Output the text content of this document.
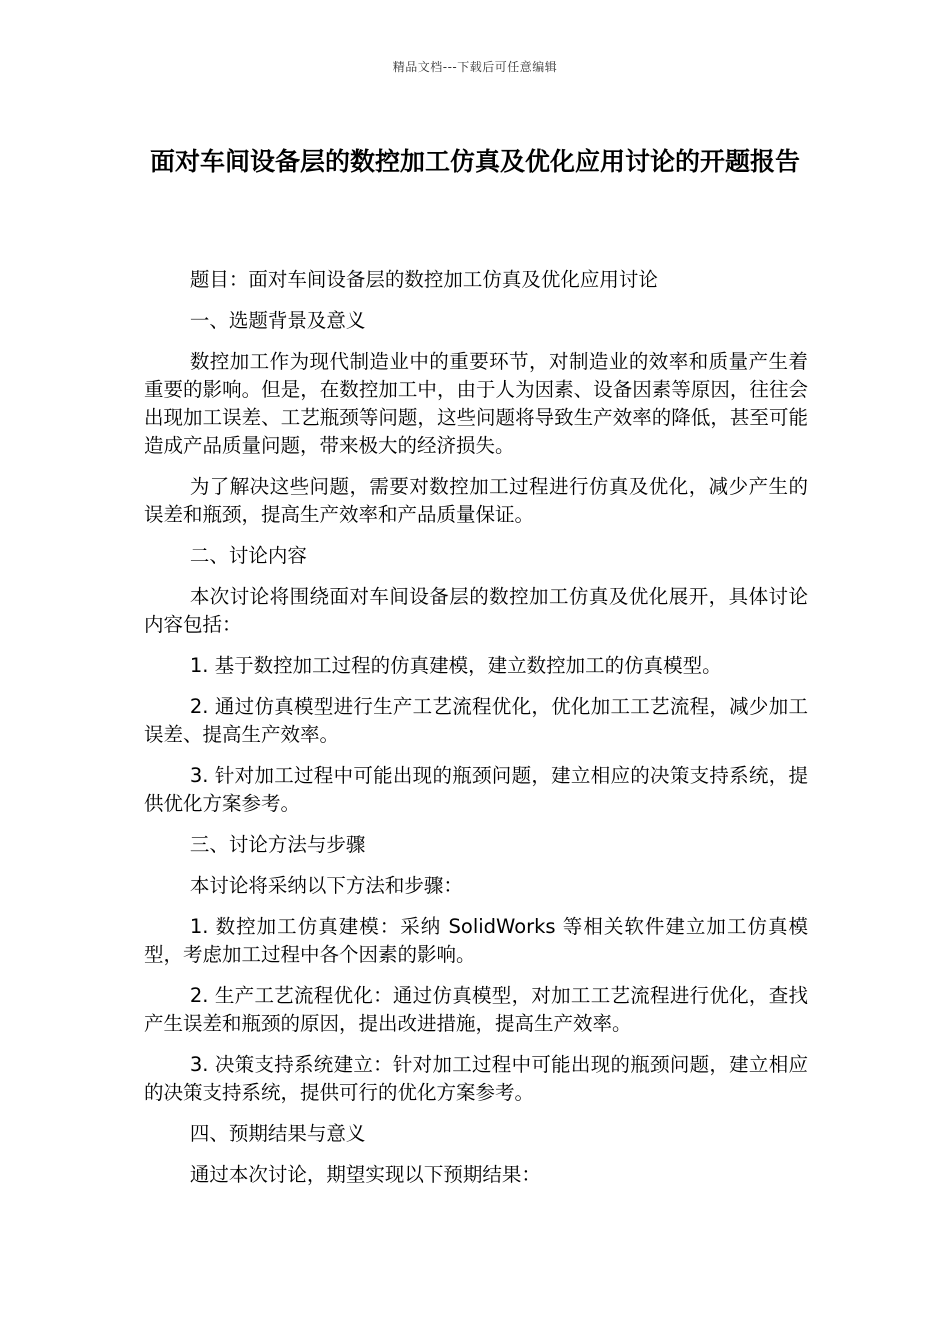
精品文档---下载后可任意编辑
面对车间设备层的数控加工仿真及优化应用讨论的开题报告

题目：面对车间设备层的数控加工仿真及优化应用讨论

一、选题背景及意义

数控加工作为现代制造业中的重要环节，对制造业的效率和质量产生着重要的影响。但是，在数控加工中，由于人为因素、设备因素等原因，往往会出现加工误差、工艺瓶颈等问题，这些问题将导致生产效率的降低，甚至可能造成产品质量问题，带来极大的经济损失。

为了解决这些问题，需要对数控加工过程进行仿真及优化，减少产生的误差和瓶颈，提高生产效率和产品质量保证。

二、讨论内容

本次讨论将围绕面对车间设备层的数控加工仿真及优化展开，具体讨论内容包括：

1. 基于数控加工过程的仿真建模，建立数控加工的仿真模型。

2. 通过仿真模型进行生产工艺流程优化，优化加工工艺流程，减少加工误差、提高生产效率。

3. 针对加工过程中可能出现的瓶颈问题，建立相应的决策支持系统，提供优化方案参考。

三、讨论方法与步骤

本讨论将采纳以下方法和步骤：

1. 数控加工仿真建模：采纳 SolidWorks 等相关软件建立加工仿真模型，考虑加工过程中各个因素的影响。

2. 生产工艺流程优化：通过仿真模型，对加工工艺流程进行优化，查找产生误差和瓶颈的原因，提出改进措施，提高生产效率。

3. 决策支持系统建立：针对加工过程中可能出现的瓶颈问题，建立相应的决策支持系统，提供可行的优化方案参考。

四、预期结果与意义

通过本次讨论，期望实现以下预期结果：
